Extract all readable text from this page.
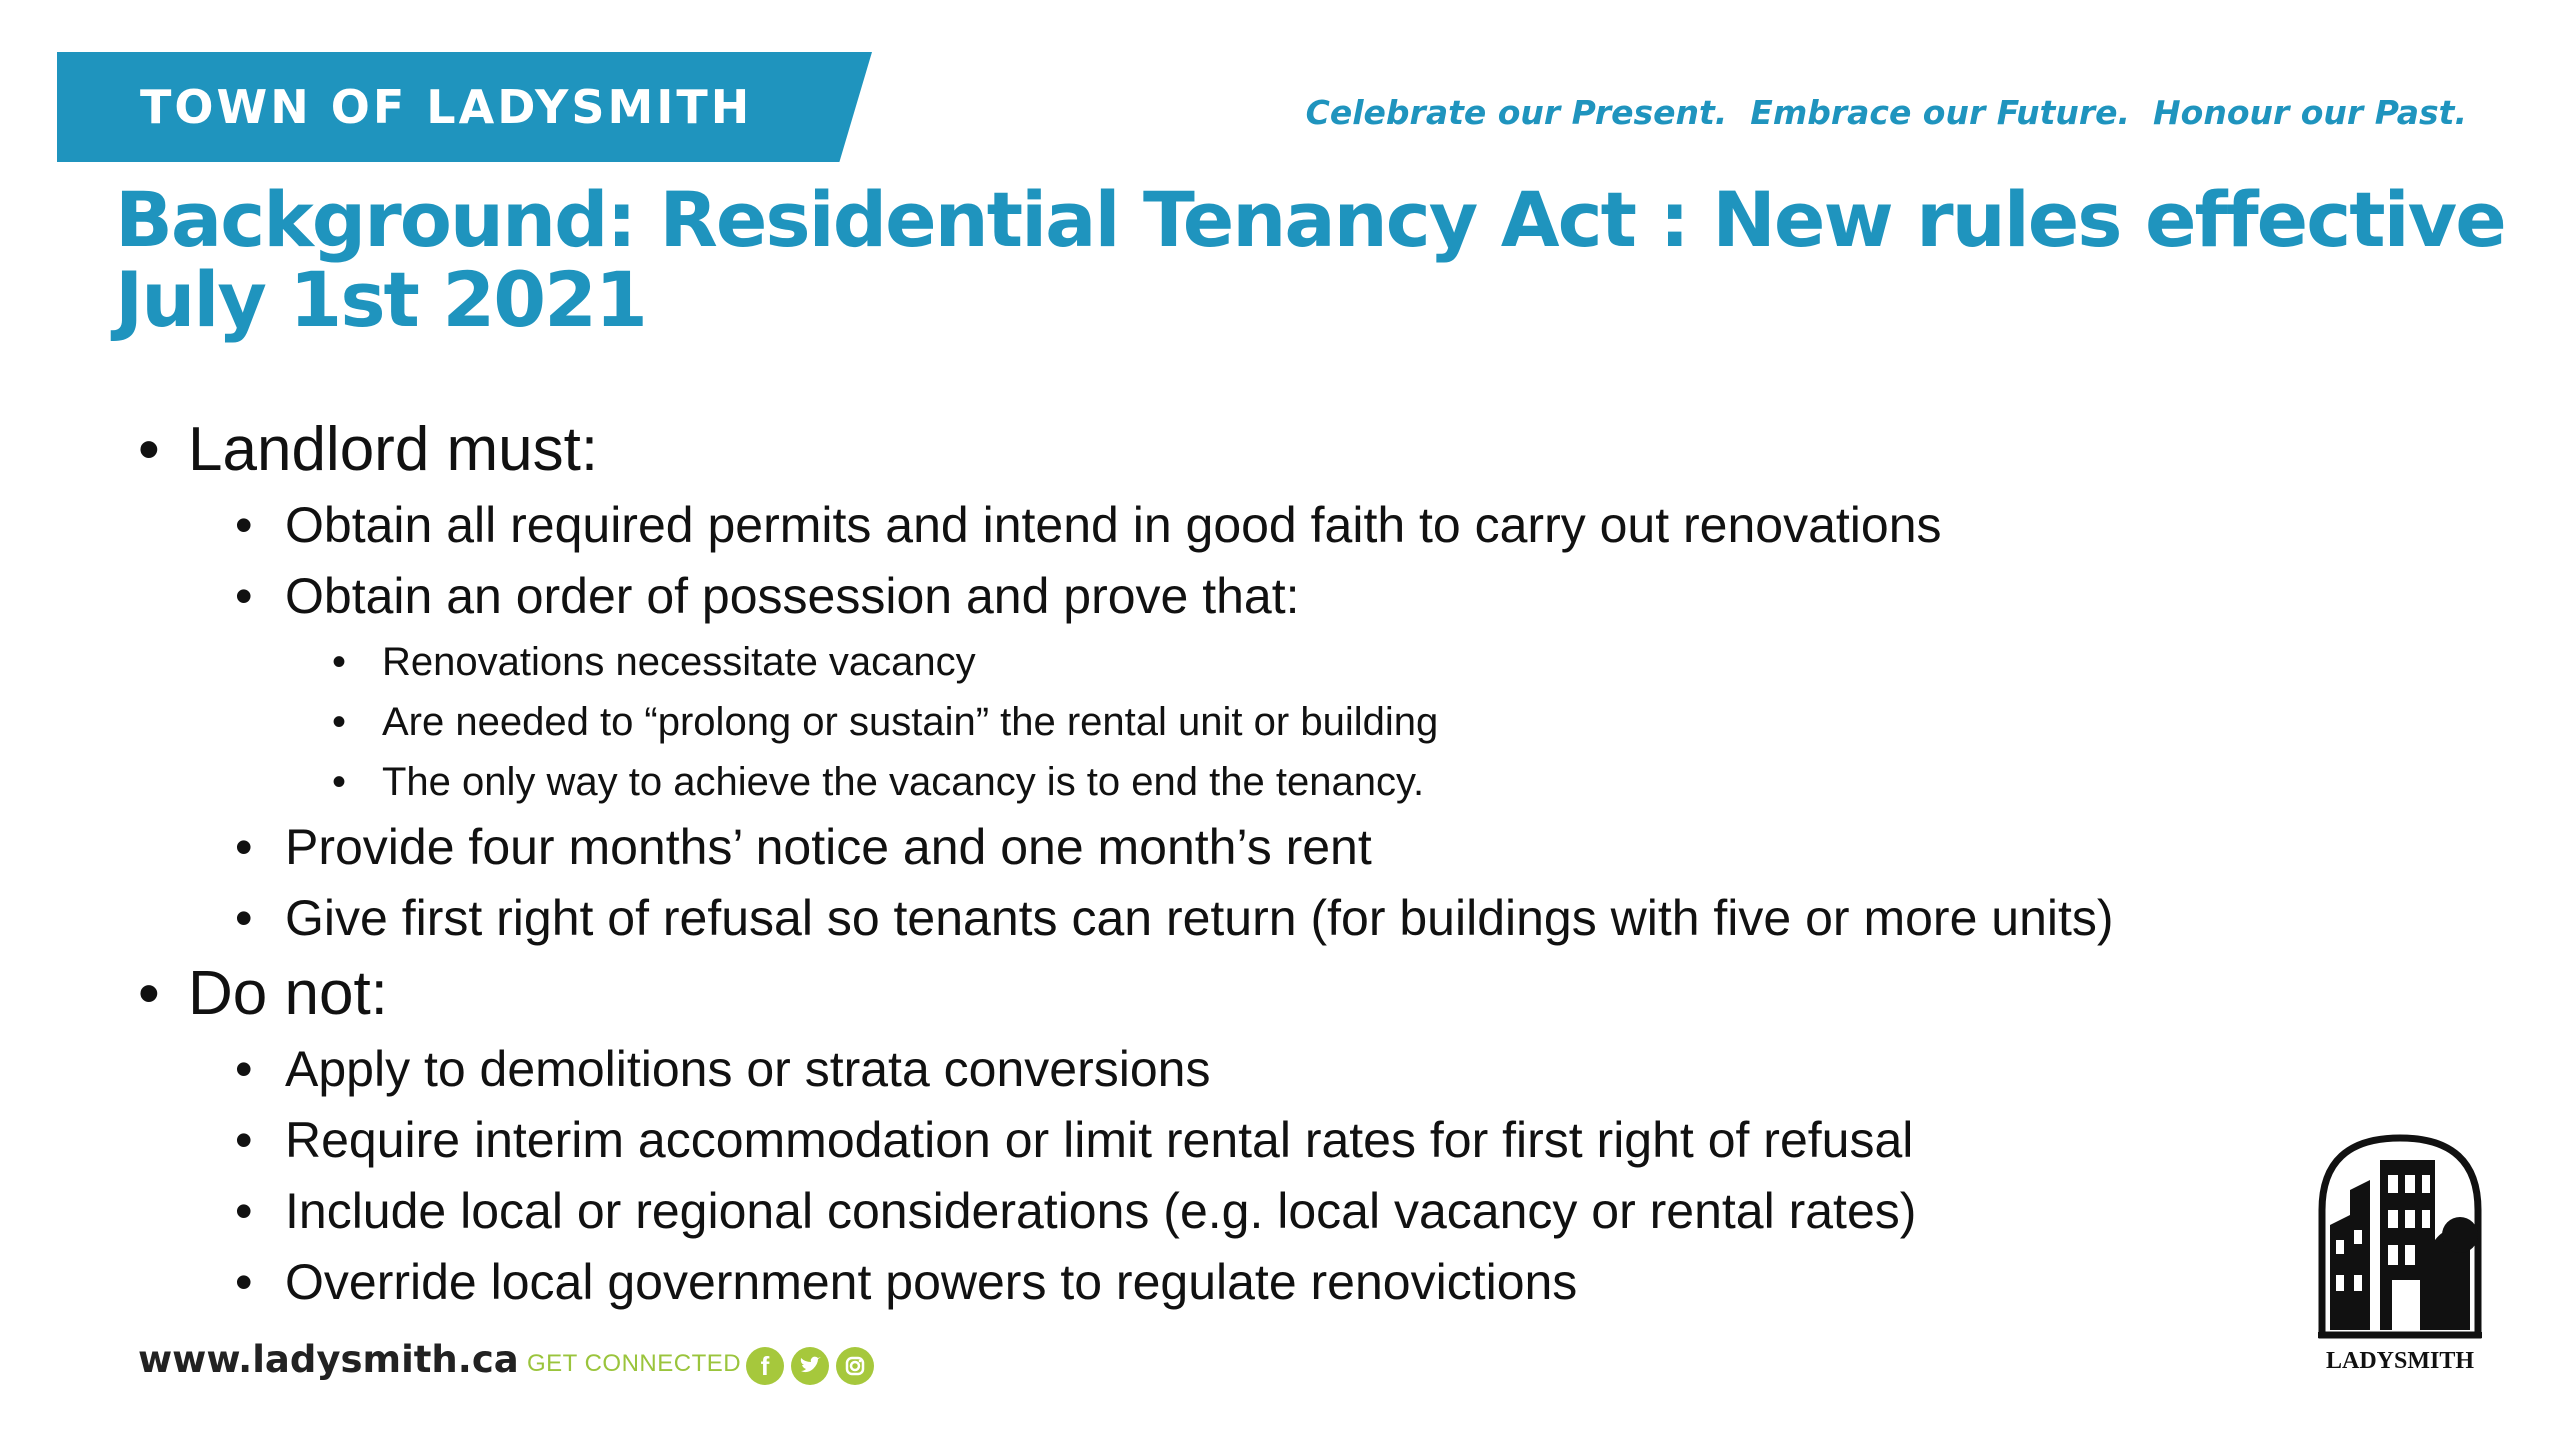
TOWN OF LADYSMITH	Celebrate our Present.  Embrace our Future.  Honour our Past.
Background: Residential Tenancy Act : New rules effective July 1st 2021
• Landlord must:
• Obtain all required permits and intend in good faith to carry out renovations
• Obtain an order of possession and prove that:
• Renovations necessitate vacancy
• Are needed to “prolong or sustain” the rental unit or building
• The only way to achieve the vacancy is to end the tenancy.
• Provide four months’ notice and one month’s rent
• Give first right of refusal so tenants can return (for buildings with five or more units)
• Do not:
• Apply to demolitions or strata conversions
• Require interim accommodation or limit rental rates for first right of refusal
• Include local or regional considerations (e.g. local vacancy or rental rates)
• Override local government powers to regulate renovictions
www.ladysmith.ca GET CONNECTED f	LADYSMITH
